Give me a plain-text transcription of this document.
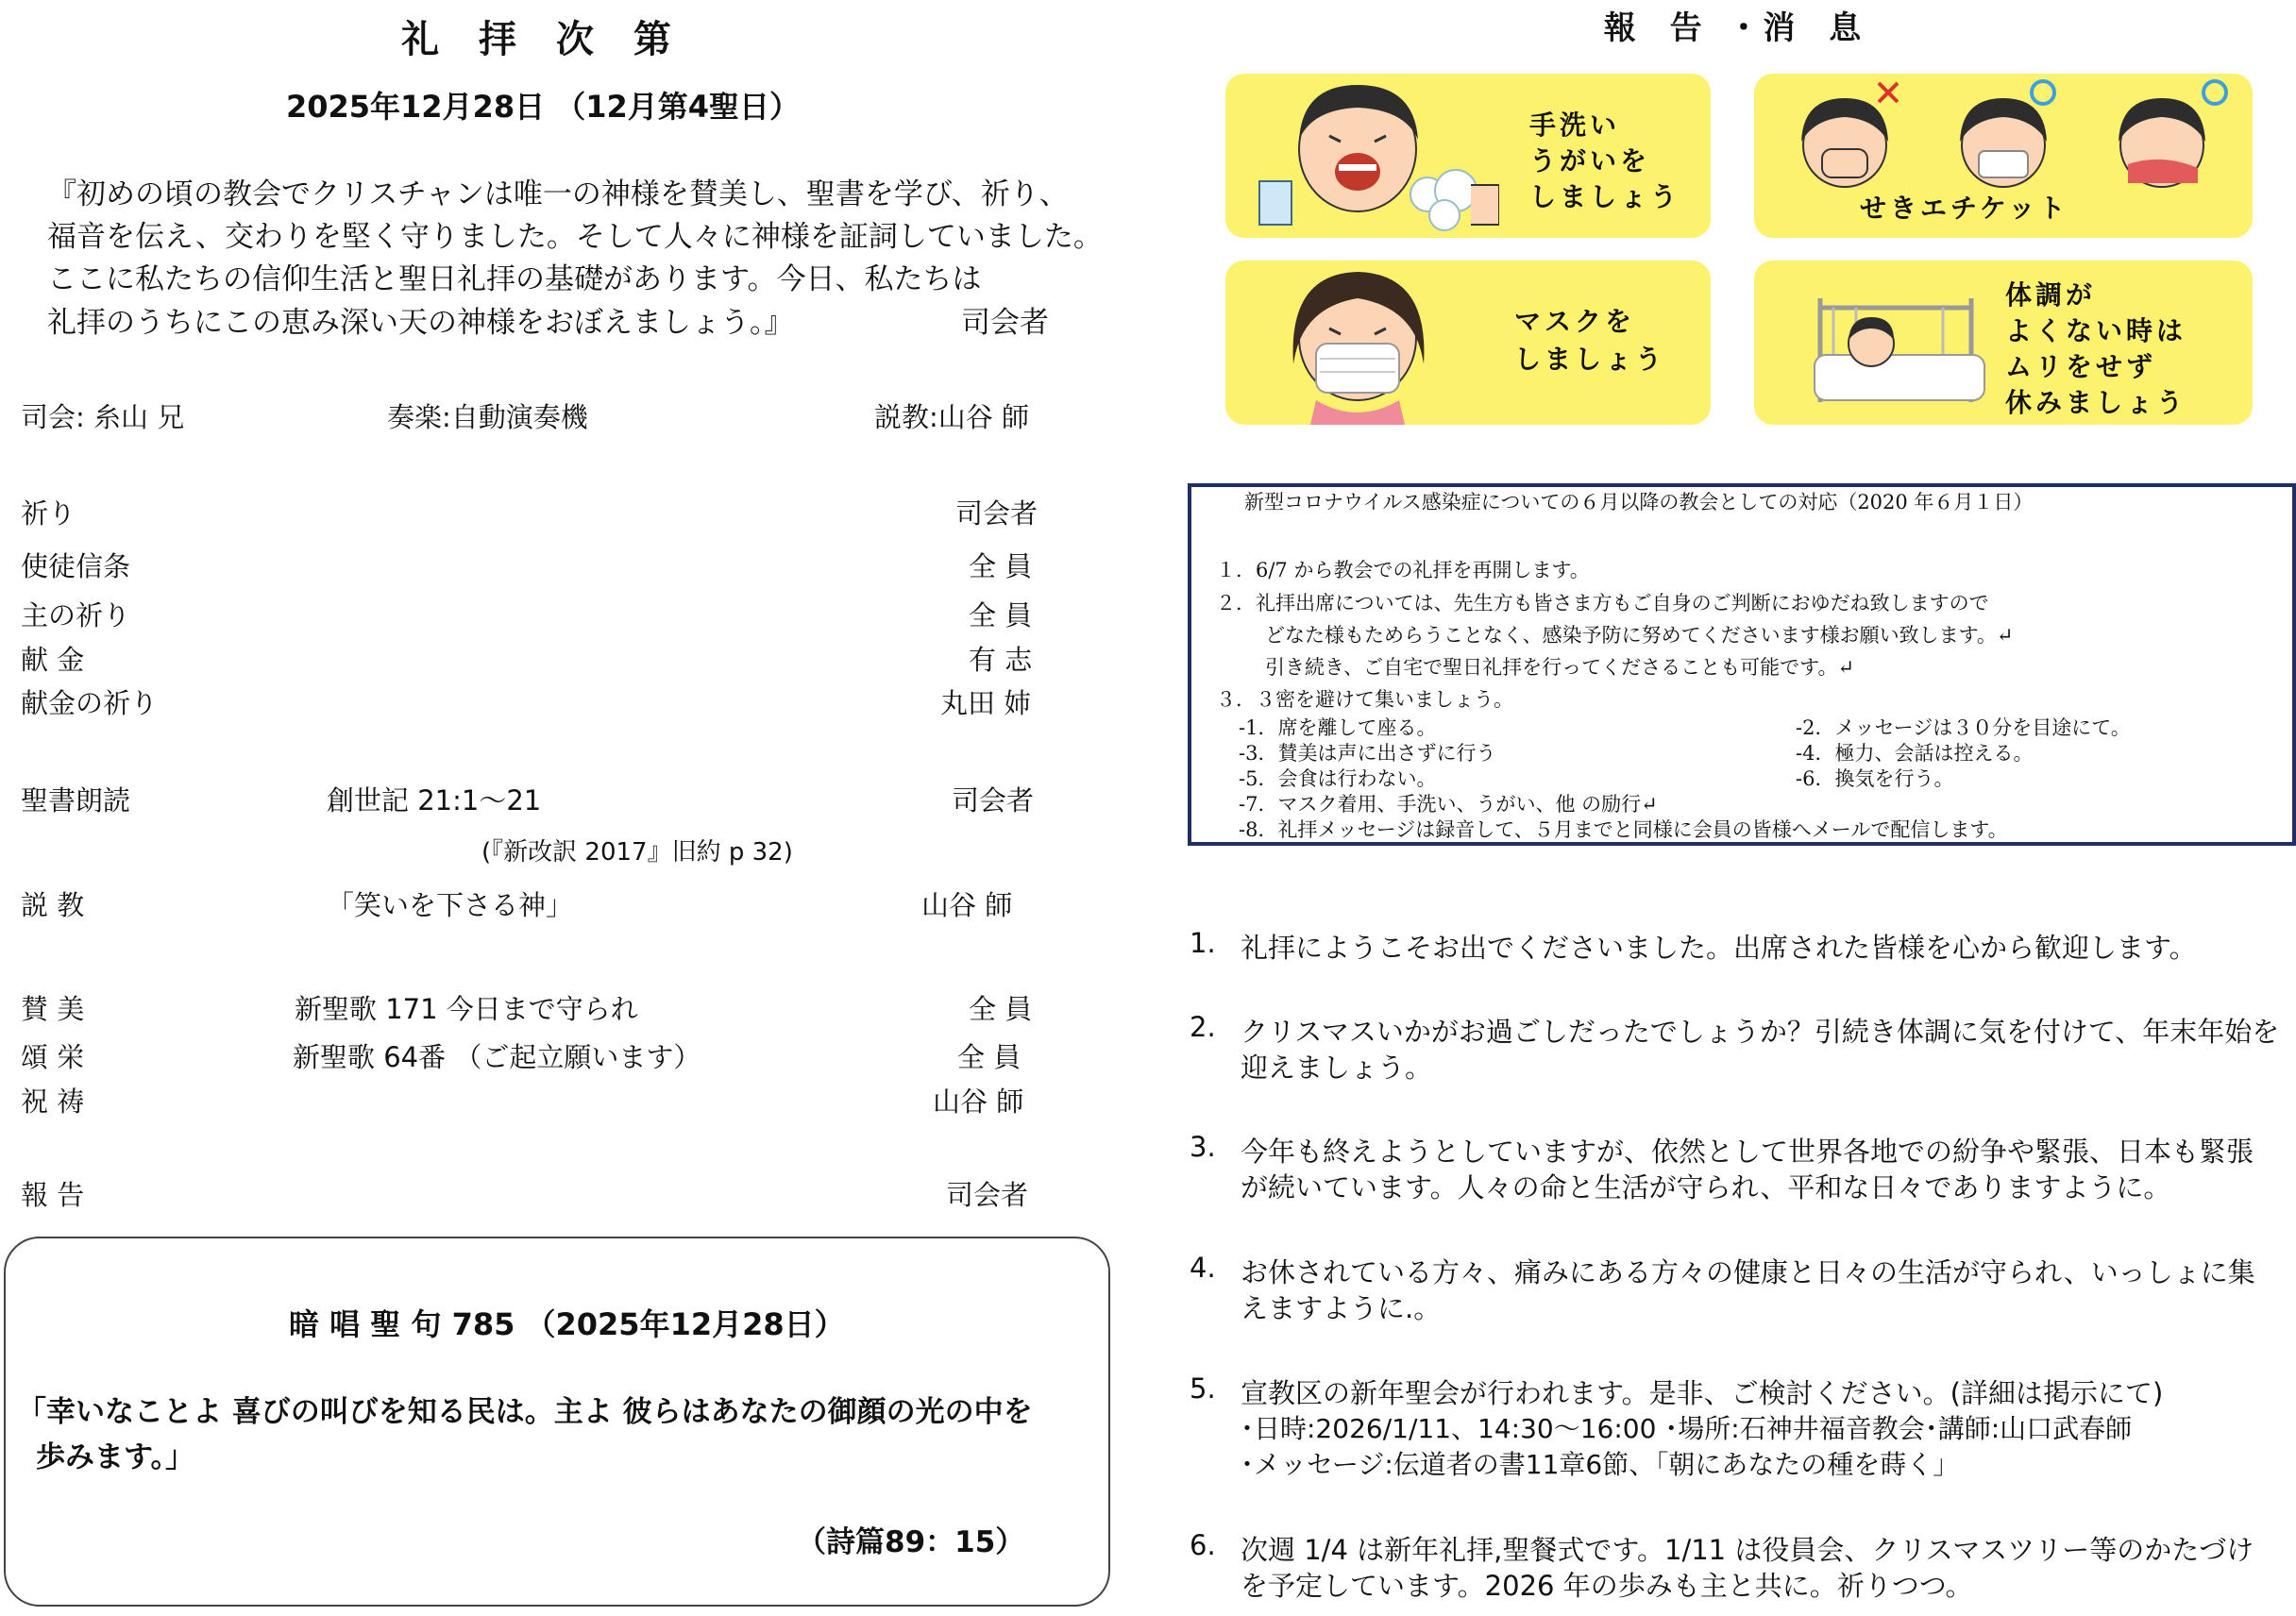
礼 拝 次 第
2025年12月28日 （12月第4聖日）
『初めの頃の教会でクリスチャンは唯一の神様を賛美し、聖書を学び、祈り、
福音を伝え、交わりを堅く守りました。そして人々に神様を証詞していました。
ここに私たちの信仰生活と聖日礼拝の基礎があります。今日、私たちは
礼拝のうちにこの恵み深い天の神様をおぼえましょう。』	司会者
司会: 糸山 兄	奏楽:自動演奏機	説教:山谷 師
祈り	司会者
使徒信条	全 員
主の祈り	全 員
献 金	有 志
献金の祈り	丸田 姉
聖書朗読	創世記 21:1～21	司会者
(『新改訳 2017』旧約 p 32)
説 教	「笑いを下さる神」	山谷 師
賛 美	新聖歌 171 今日まで守られ	全 員
頌 栄	新聖歌 64番 （ご起立願います）	全 員
祝 祷	山谷 師
報 告	司会者
暗 唱 聖 句 785 （2025年12月28日）
「幸いなことよ 喜びの叫びを知る民は。主よ 彼らはあなたの御顔の光の中を
歩みます。」
（詩篇89：15）
報 告 ･消 息
手洗い
うがいを
しましょう	せきエチケット
マスクを
しましょう
体調が
よくない時は
ムリをせず
休みましょう
新型コロナウイルス感染症についての６月以降の教会としての対応（2020 年６月１日）
１．6/7 から教会での礼拝を再開します。
２．礼拝出席については、先生方も皆さま方もご自身のご判断におゆだね致しますので
どなた様もためらうことなく、感染予防に努めてくださいます様お願い致します。↵
引き続き、ご自宅で聖日礼拝を行ってくださることも可能です。↵
３．３密を避けて集いましょう。
-1．席を離して座る。	-2．メッセージは３０分を目途にて。
-3．賛美は声に出さずに行う	-4．極力、会話は控える。
-5．会食は行わない。	-6．換気を行う。
-7．マスク着用、手洗い、うがい、他 の励行↵
-8．礼拝メッセージは録音して、５月までと同様に会員の皆様へメールで配信します。
1. 礼拝にようこそお出でくださいました。出席された皆様を心から歓迎します。
2. クリスマスいかがお過ごしだったでしょうか？引続き体調に気を付けて、年末年始を
迎えましょう。
3. 今年も終えようとしていますが、依然として世界各地での紛争や緊張、日本も緊張
が続いています。人々の命と生活が守られ、平和な日々でありますように。
4. お休されている方々、痛みにある方々の健康と日々の生活が守られ、いっしょに集
えますように.。
5. 宣教区の新年聖会が行われます。是非、ご検討ください。(詳細は掲示にて)
･日時:2026/1/11、14:30～16:00 ･場所:石神井福音教会･講師:山口武春師
･メッセージ:伝道者の書11章6節、｢朝にあなたの種を蒔く｣
6. 次週 1/4 は新年礼拝,聖餐式です。1/11 は役員会、クリスマスツリー等のかたづけ
を予定しています。2026 年の歩みも主と共に。祈りつつ。
